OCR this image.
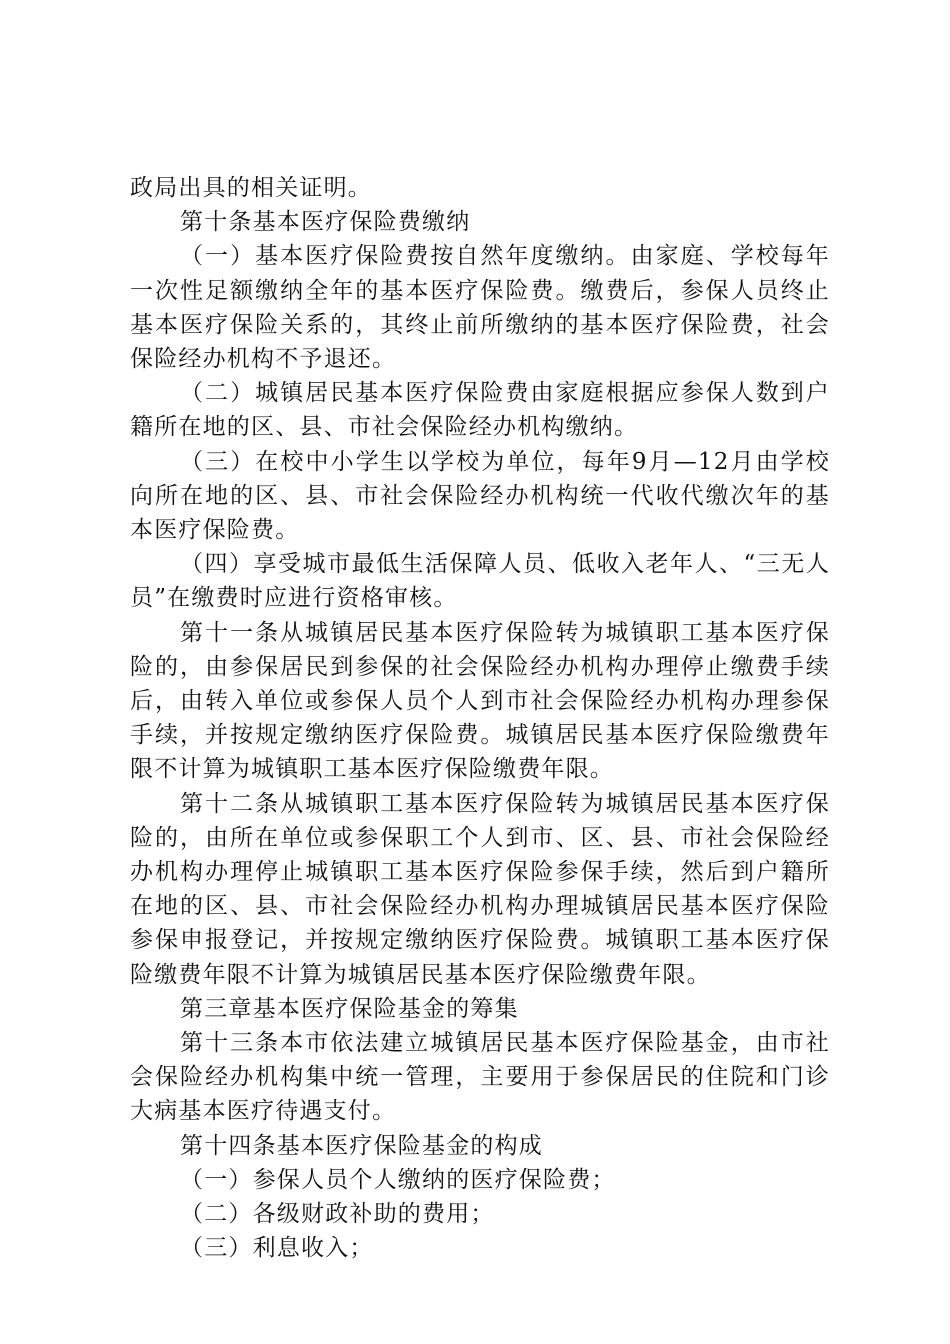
政局出具的相关证明。

第十条基本医疗保险费缴纳

（一）基本医疗保险费按自然年度缴纳。由家庭、学校每年一次性足额缴纳全年的基本医疗保险费。缴费后，参保人员终止基本医疗保险关系的，其终止前所缴纳的基本医疗保险费，社会保险经办机构不予退还。

（二）城镇居民基本医疗保险费由家庭根据应参保人数到户籍所在地的区、县、市社会保险经办机构缴纳。

（三）在校中小学生以学校为单位，每年9月—12月由学校向所在地的区、县、市社会保险经办机构统一代收代缴次年的基本医疗保险费。

（四）享受城市最低生活保障人员、低收入老年人、“三无人员”在缴费时应进行资格审核。

第十一条从城镇居民基本医疗保险转为城镇职工基本医疗保险的，由参保居民到参保的社会保险经办机构办理停止缴费手续后，由转入单位或参保人员个人到市社会保险经办机构办理参保手续，并按规定缴纳医疗保险费。城镇居民基本医疗保险缴费年限不计算为城镇职工基本医疗保险缴费年限。

第十二条从城镇职工基本医疗保险转为城镇居民基本医疗保险的，由所在单位或参保职工个人到市、区、县、市社会保险经办机构办理停止城镇职工基本医疗保险参保手续，然后到户籍所在地的区、县、市社会保险经办机构办理城镇居民基本医疗保险参保申报登记，并按规定缴纳医疗保险费。城镇职工基本医疗保险缴费年限不计算为城镇居民基本医疗保险缴费年限。

第三章基本医疗保险基金的筹集

第十三条本市依法建立城镇居民基本医疗保险基金，由市社会保险经办机构集中统一管理，主要用于参保居民的住院和门诊大病基本医疗待遇支付。

第十四条基本医疗保险基金的构成

（一）参保人员个人缴纳的医疗保险费；

（二）各级财政补助的费用；

（三）利息收入；
